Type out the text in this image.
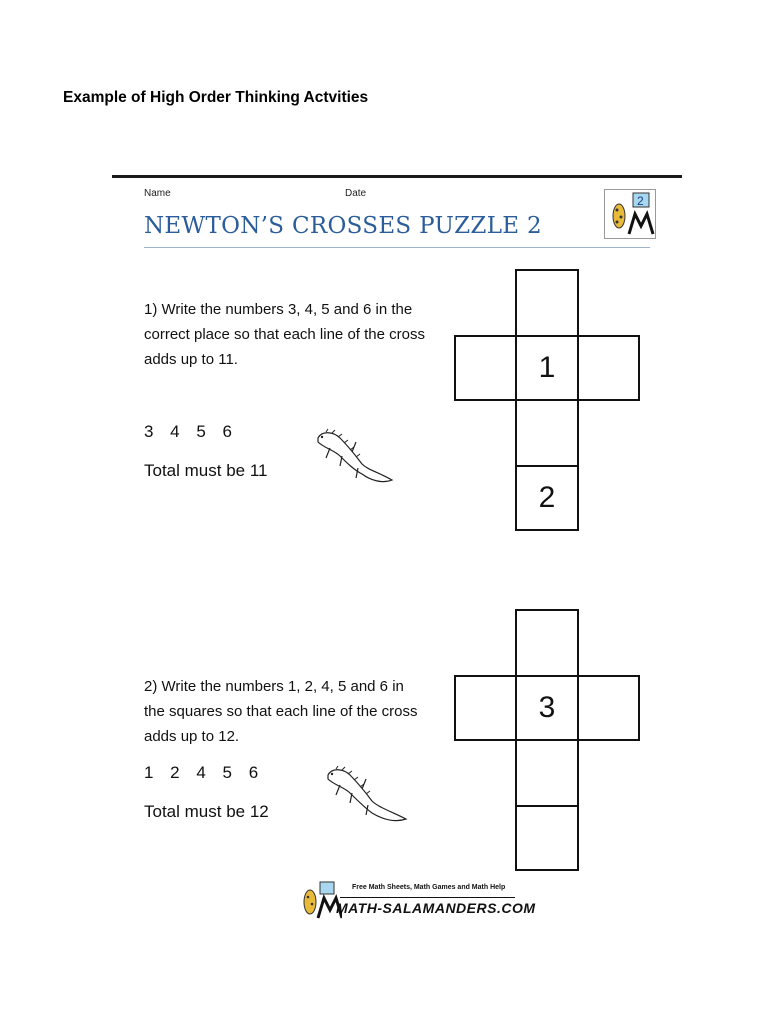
Example of High Order Thinking Actvities
Name	Date
NEWTON’S CROSSES PUZZLE 2
2
1) Write the numbers 3, 4, 5 and 6 in the
correct place so that each line of the cross
adds up to 11.
3 4 5 6
Total must be 11
1
2
2) Write the numbers 1, 2, 4, 5 and 6 in
the squares so that each line of the cross
adds up to 12.
1 2 4 5 6
Total must be 12
3
Free Math Sheets, Math Games and Math Help
MATH-SALAMANDERS.COM
